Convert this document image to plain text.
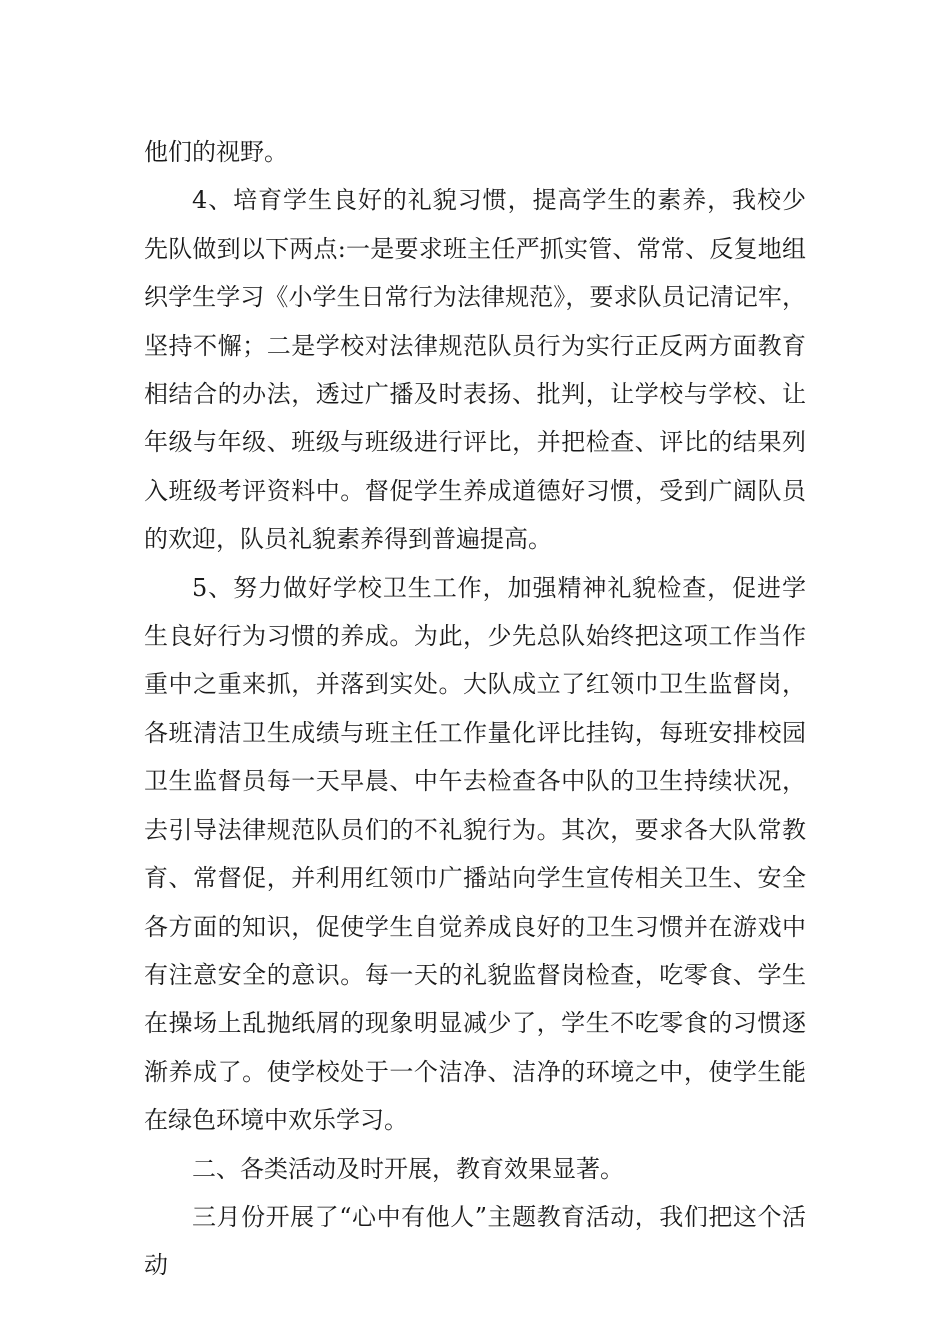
他们的视野。

4、培育学生良好的礼貌习惯，提高学生的素养，我校少先队做到以下两点:一是要求班主任严抓实管、常常、反复地组织学生学习《小学生日常行为法律规范》，要求队员记清记牢，坚持不懈；二是学校对法律规范队员行为实行正反两方面教育相结合的办法，透过广播及时表扬、批判，让学校与学校、让年级与年级、班级与班级进行评比，并把检查、评比的结果列入班级考评资料中。督促学生养成道德好习惯，受到广阔队员的欢迎，队员礼貌素养得到普遍提高。

5、努力做好学校卫生工作，加强精神礼貌检查，促进学生良好行为习惯的养成。为此，少先总队始终把这项工作当作重中之重来抓，并落到实处。大队成立了红领巾卫生监督岗，各班清洁卫生成绩与班主任工作量化评比挂钩，每班安排校园卫生监督员每一天早晨、中午去检查各中队的卫生持续状况，去引导法律规范队员们的不礼貌行为。其次，要求各大队常教育、常督促，并利用红领巾广播站向学生宣传相关卫生、安全各方面的知识，促使学生自觉养成良好的卫生习惯并在游戏中有注意安全的意识。每一天的礼貌监督岗检查，吃零食、学生在操场上乱抛纸屑的现象明显减少了，学生不吃零食的习惯逐渐养成了。使学校处于一个洁净、洁净的环境之中，使学生能在绿色环境中欢乐学习。

二、各类活动及时开展，教育效果显著。

三月份开展了“心中有他人”主题教育活动，我们把这个活动
